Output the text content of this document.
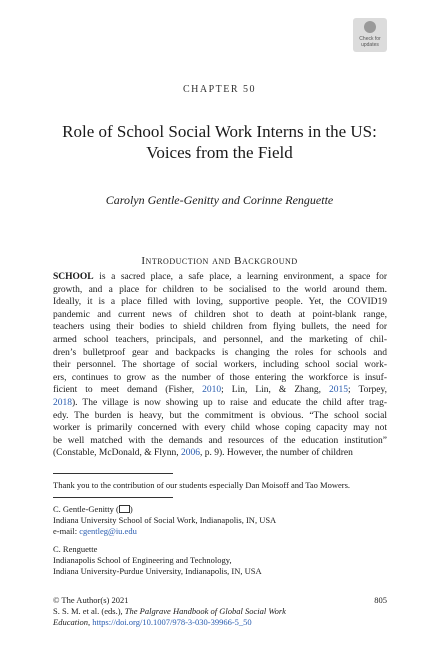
Check for
updates
CHAPTER 50
Role of School Social Work Interns in the US:
Voices from the Field
Carolyn Gentle-Genitty and Corinne Renguette
Introduction and Background
SCHOOL is a sacred place, a safe place, a learning environment, a space for
growth, and a place for children to be socialised to the world around them.
Ideally, it is a place filled with loving, supportive people. Yet, the COVID19
pandemic and current news of children shot to death at point-blank range,
teachers using their bodies to shield children from flying bullets, the need for
armed school teachers, principals, and personnel, and the marketing of chil-
dren’s bulletproof gear and backpacks is changing the roles for schools and
their personnel. The shortage of social workers, including school social work-
ers, continues to grow as the number of those entering the workforce is insuf-
ficient to meet demand (Fisher, 2010; Lin, Lin, & Zhang, 2015; Torpey,
2018). The village is now showing up to raise and educate the child after trag-
edy. The burden is heavy, but the commitment is obvious. “The school social
worker is primarily concerned with every child whose coping capacity may not
be well matched with the demands and resources of the education institution”
(Constable, McDonald, & Flynn, 2006, p. 9). However, the number of children
Thank you to the contribution of our students especially Dan Moisoff and Tao Mowers.
C. Gentle-Genitty ( )
Indiana University School of Social Work, Indianapolis, IN, USA
e-mail: cgentleg@iu.edu
C. Renguette
Indianapolis School of Engineering and Technology,
Indiana University-Purdue University, Indianapolis, IN, USA
© The Author(s) 2021
S. S. M. et al. (eds.), The Palgrave Handbook of Global Social Work
Education, https://doi.org/10.1007/978-3-030-39966-5_50
805
